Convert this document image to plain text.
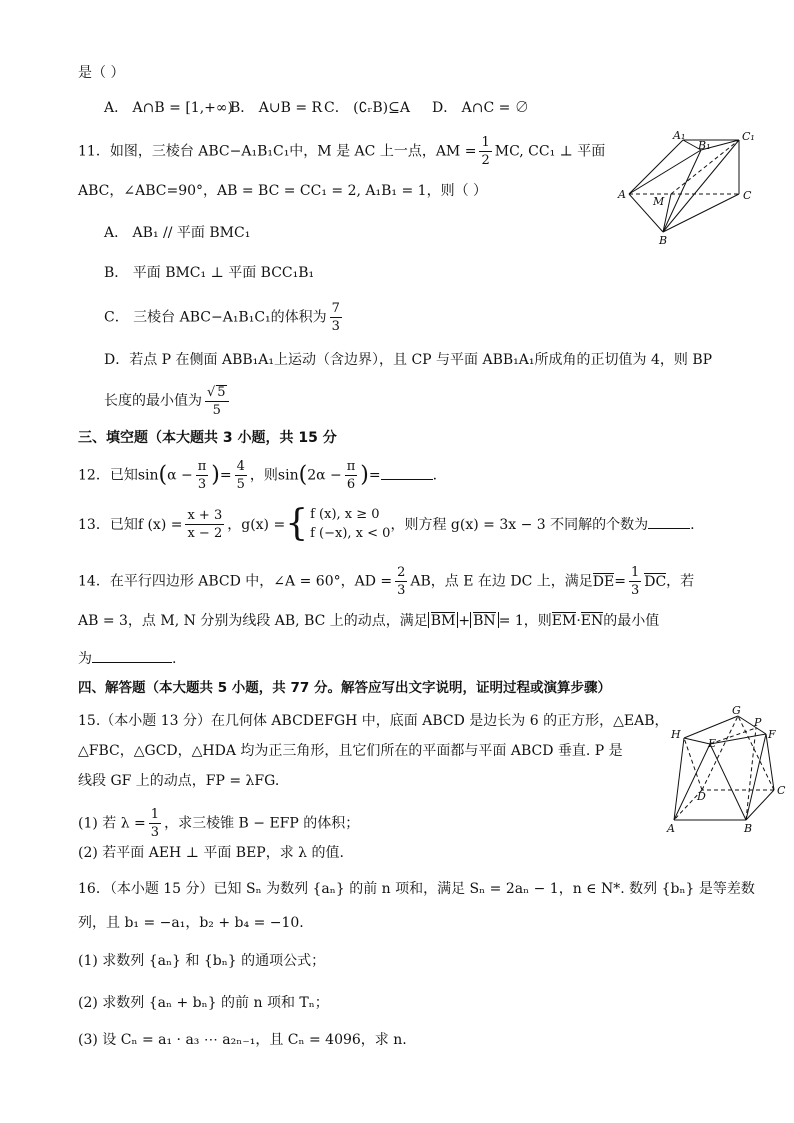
是（ ）
A． A∩B = [1,+∞)
B． A∪B = R C． (∁ᵣB)⊆A D． A∩C = ∅
11．如图，三棱台 ABC−A₁B₁C₁中，M 是 AC 上一点，AM = $\frac{1}{2}$ MC, CC₁ ⊥ 平面
ABC，∠ABC=90°，AB = BC = CC₁ = 2, A₁B₁ = 1，则（ ）
A． AB₁ // 平面 BMC₁
B． 平面 BMC₁ ⊥ 平面 BCC₁B₁
C． 三棱台 ABC−A₁B₁C₁的体积为 $\frac{7}{3}$
D．若点 P 在侧面 ABB₁A₁上运动（含边界），且 CP 与平面 ABB₁A₁所成角的正切值为 4，则 BP
长度的最小值为 $\frac{√ 5}{5}$
A₁
B₁
C₁
A
M	C
B
三、填空题（本大题共 3 小题，共 15 分
12．已知$\sin(\alpha - \frac{\pi}{3}$ )= $\frac{4}{5}$ ，则$\sin(2\alpha - \frac{\pi}{6}$ )=	.
13．已知f $(x) = \frac{x + 3}{x - 2}$ ，g(x) ={ f (x), x ≥ 0
f (−x), x < 0
，则方程 g(x) = 3x − 3 不同解的个数为	.
14．在平行四边形 ABCD 中，∠A = 60°，AD = $\frac{2}{3}$ AB，点 E 在边 DC 上，满足$DE= \frac{1}{3}$ DC，若
AB = 3，点 M, N 分别为线段 AB, BC 上的动点，满足 BM + BN = 1，则EM·EN的最小值
为	.
四、解答题（本大题共 5 小题，共 77 分。解答应写出文字说明，证明过程或演算步骤）
15.（本小题 13 分）在几何体 ABCDEFGH 中，底面 ABCD 是边长为 6 的正方形，△EAB，
△FBC，△GCD，△HDA 均为正三角形，且它们所在的平面都与平面 ABCD 垂直. P 是
线段 GF 上的动点，FP = λFG.
(1) 若 $\lambda = \frac{1}{3}$ ，求三棱锥 B − EFP 的体积；
(2) 若平面 AEH ⊥ 平面 BEP，求 λ 的值.
G
H
E
P
F
D	C
A	B
16．（本小题 15 分）已知 Sₙ 为数列 {aₙ} 的前 n 项和，满足 Sₙ = 2aₙ − 1，n ∈ N*. 数列 {bₙ} 是等差数
列，且 b₁ = −a₁，b₂ + b₄ = −10.
(1) 求数列 {aₙ} 和 {bₙ} 的通项公式；
(2) 求数列 {aₙ + bₙ} 的前 n 项和 Tₙ；
(3) 设 Cₙ = a₁ · a₃ ⋯ a₂ₙ₋₁，且 Cₙ = 4096，求 n.
